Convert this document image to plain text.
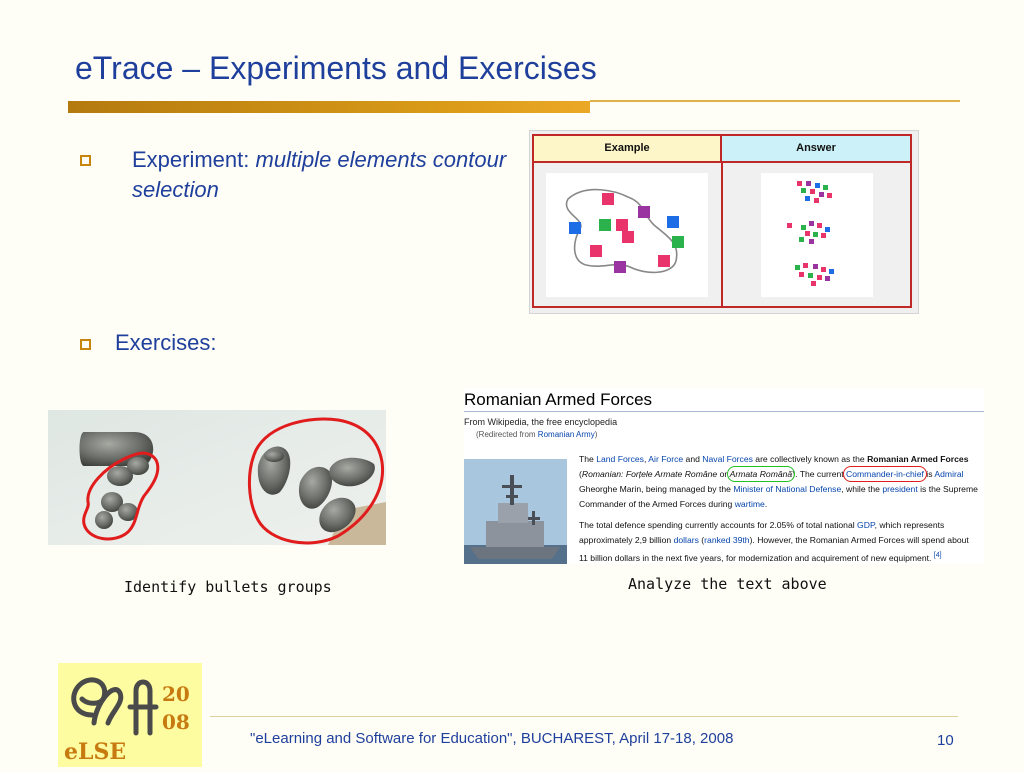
eTrace – Experiments and Exercises
Experiment: multiple elements contour selection
Exercises:
Example	Answer
Identify bullets groups
Romanian Armed Forces
From Wikipedia, the free encyclopedia
(Redirected from Romanian Army)
The Land Forces, Air Force and Naval Forces are collectively known as the Romanian Armed Forces (Romanian: Forțele Armate Române or Armata Română). The current Commander-in-chief is Admiral Gheorghe Marin, being managed by the Minister of National Defense, while the president is the Supreme Commander of the Armed Forces during wartime.
The total defence spending currently accounts for 2.05% of total national GDP, which represents approximately 2,9 billion dollars (ranked 39th). However, the Romanian Armed Forces will spend about 11 billion dollars in the next five years, for modernization and acquirement of new equipment. [4]
Analyze the text above
20
08
eLSE
"eLearning and Software for Education", BUCHAREST, April 17-18, 2008	10
